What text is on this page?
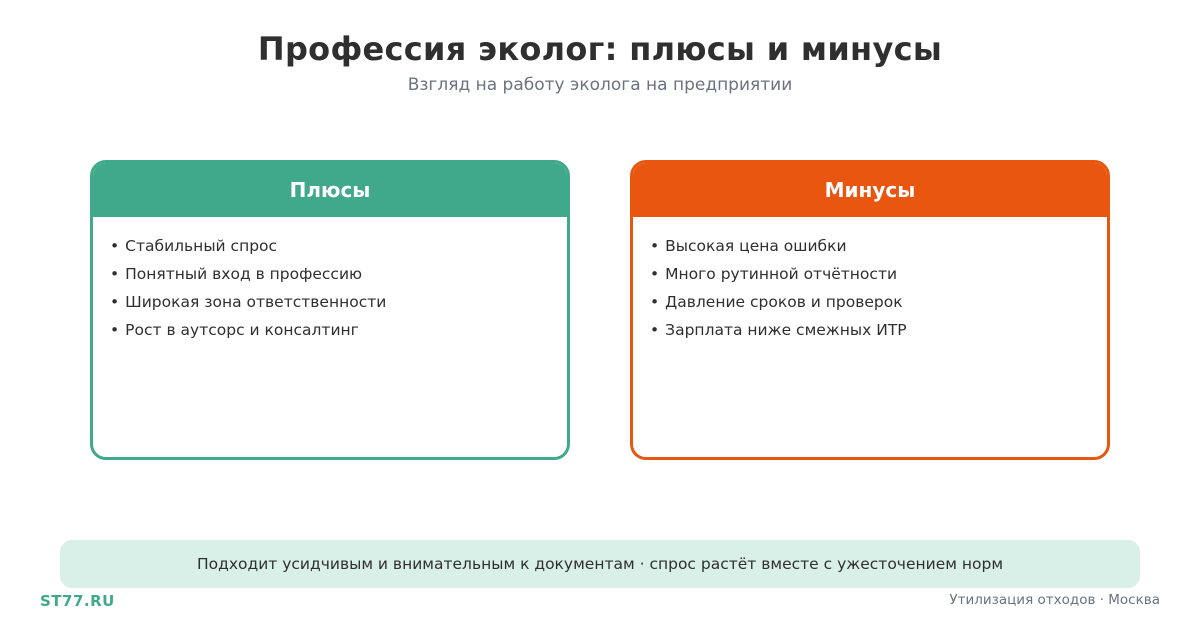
Профессия эколог: плюсы и минусы
Взгляд на работу эколога на предприятии
Плюсы
• Стабильный спрос
• Понятный вход в профессию
• Широкая зона ответственности
• Рост в аутсорс и консалтинг
Минусы
• Высокая цена ошибки
• Много рутинной отчётности
• Давление сроков и проверок
• Зарплата ниже смежных ИТР
Подходит усидчивым и внимательным к документам · спрос растёт вместе с ужесточением норм
ST77.RU	Утилизация отходов · Москва
